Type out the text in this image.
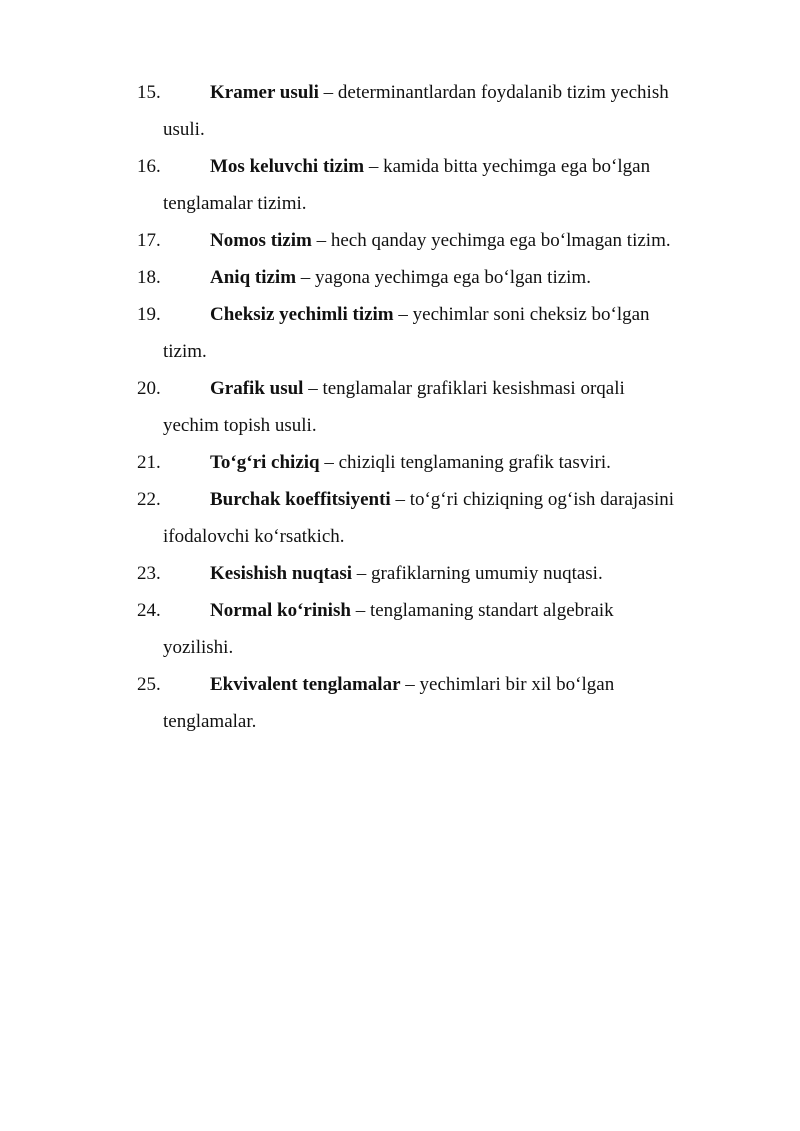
15.	Kramer usuli – determinantlardan foydalanib tizim yechish
usuli.
16.	Mos keluvchi tizim – kamida bitta yechimga ega bo‘lgan
tenglamalar tizimi.
17.	Nomos tizim – hech qanday yechimga ega bo‘lmagan tizim.
18.	Aniq tizim – yagona yechimga ega bo‘lgan tizim.
19.	Cheksiz yechimli tizim – yechimlar soni cheksiz bo‘lgan
tizim.
20.	Grafik usul – tenglamalar grafiklari kesishmasi orqali
yechim topish usuli.
21.	To‘g‘ri chiziq – chiziqli tenglamaning grafik tasviri.
22.	Burchak koeffitsiyenti – to‘g‘ri chiziqning og‘ish darajasini
ifodalovchi ko‘rsatkich.
23.	Kesishish nuqtasi – grafiklarning umumiy nuqtasi.
24.	Normal ko‘rinish – tenglamaning standart algebraik
yozilishi.
25.	Ekvivalent tenglamalar – yechimlari bir xil bo‘lgan
tenglamalar.
